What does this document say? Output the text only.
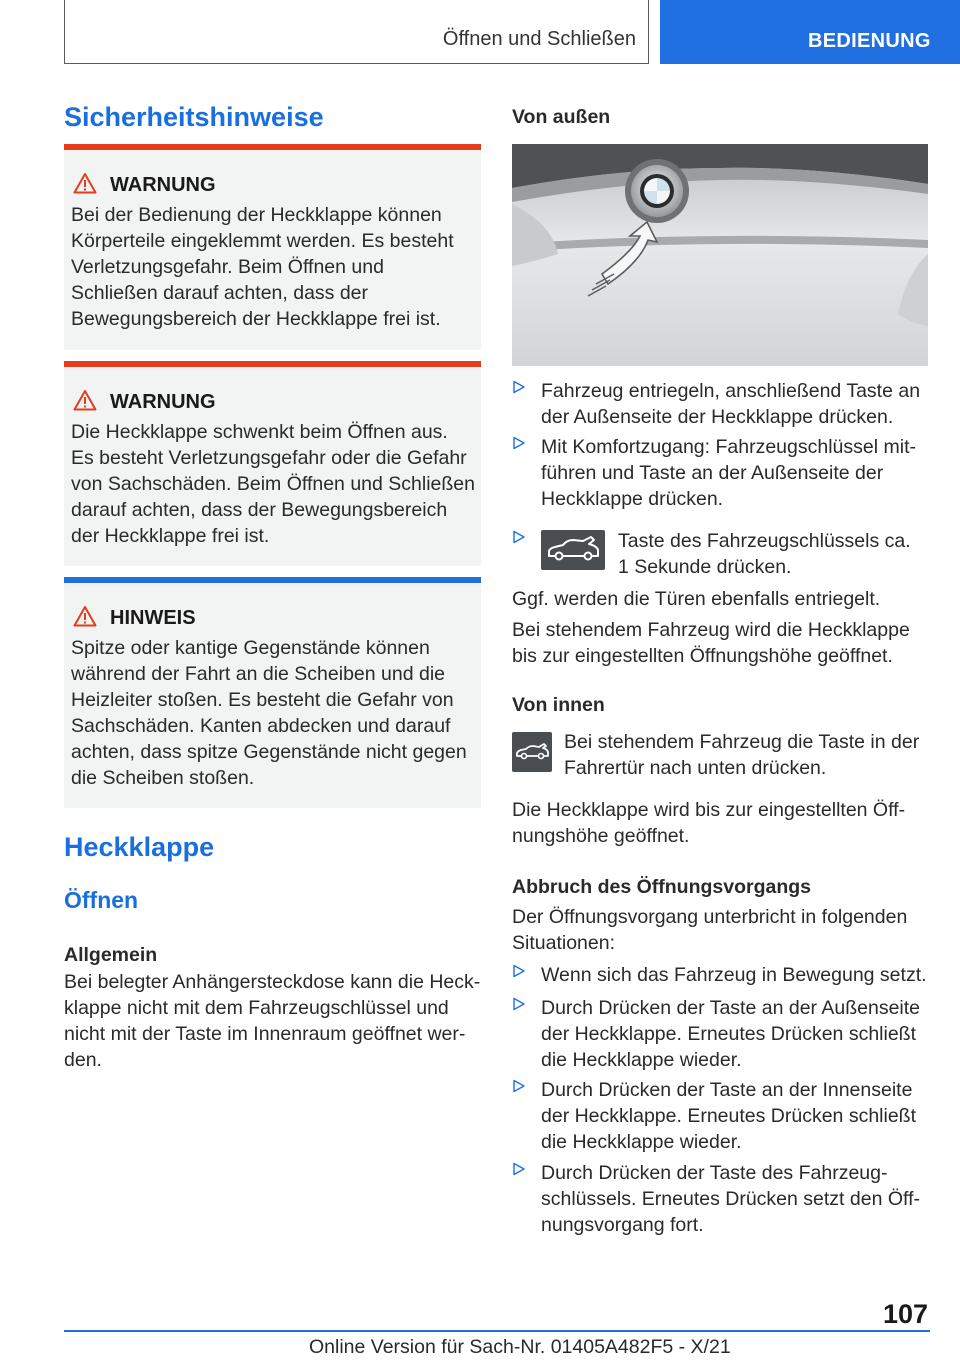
Öffnen und Schließen	BEDIENUNG
Sicherheitshinweise
WARNUNG
Bei der Bedienung der Heckklappe können Körperteile eingeklemmt werden. Es besteht Verletzungsgefahr. Beim Öffnen und Schließen darauf achten, dass der Bewegungsbereich der Heckklappe frei ist.
WARNUNG
Die Heckklappe schwenkt beim Öffnen aus. Es besteht Verletzungsgefahr oder die Gefahr von Sachschäden. Beim Öffnen und Schließen darauf achten, dass der Bewegungsbereich der Heckklappe frei ist.
HINWEIS
Spitze oder kantige Gegenstände können während der Fahrt an die Scheiben und die Heizleiter stoßen. Es besteht die Gefahr von Sachschäden. Kanten abdecken und darauf achten, dass spitze Gegenstände nicht gegen die Scheiben stoßen.
Heckklappe
Öffnen

Allgemein

Bei belegter Anhängersteckdose kann die Heckklappe nicht mit dem Fahrzeugschlüssel und nicht mit der Taste im Innenraum geöffnet werden.

Von außen

Fahrzeug entriegeln, anschließend Taste an der Außenseite der Heckklappe drücken.
Mit Komfortzugang: Fahrzeugschlüssel mitführen und Taste an der Außenseite der Heckklappe drücken.
Taste des Fahrzeugschlüssels ca. 1 Sekunde drücken.

Ggf. werden die Türen ebenfalls entriegelt.

Bei stehendem Fahrzeug wird die Heckklappe bis zur eingestellten Öffnungshöhe geöffnet.

Von innen

Bei stehendem Fahrzeug die Taste in der Fahrertür nach unten drücken.

Die Heckklappe wird bis zur eingestellten Öffnungshöhe geöffnet.

Abbruch des Öffnungsvorgangs

Der Öffnungsvorgang unterbricht in folgenden Situationen:

Wenn sich das Fahrzeug in Bewegung setzt.
Durch Drücken der Taste an der Außenseite der Heckklappe. Erneutes Drücken schließt die Heckklappe wieder.
Durch Drücken der Taste an der Innenseite der Heckklappe. Erneutes Drücken schließt die Heckklappe wieder.
Durch Drücken der Taste des Fahrzeugschlüssels. Erneutes Drücken setzt den Öffnungsvorgang fort.
107
Online Version für Sach-Nr. 01405A482F5 - X/21
